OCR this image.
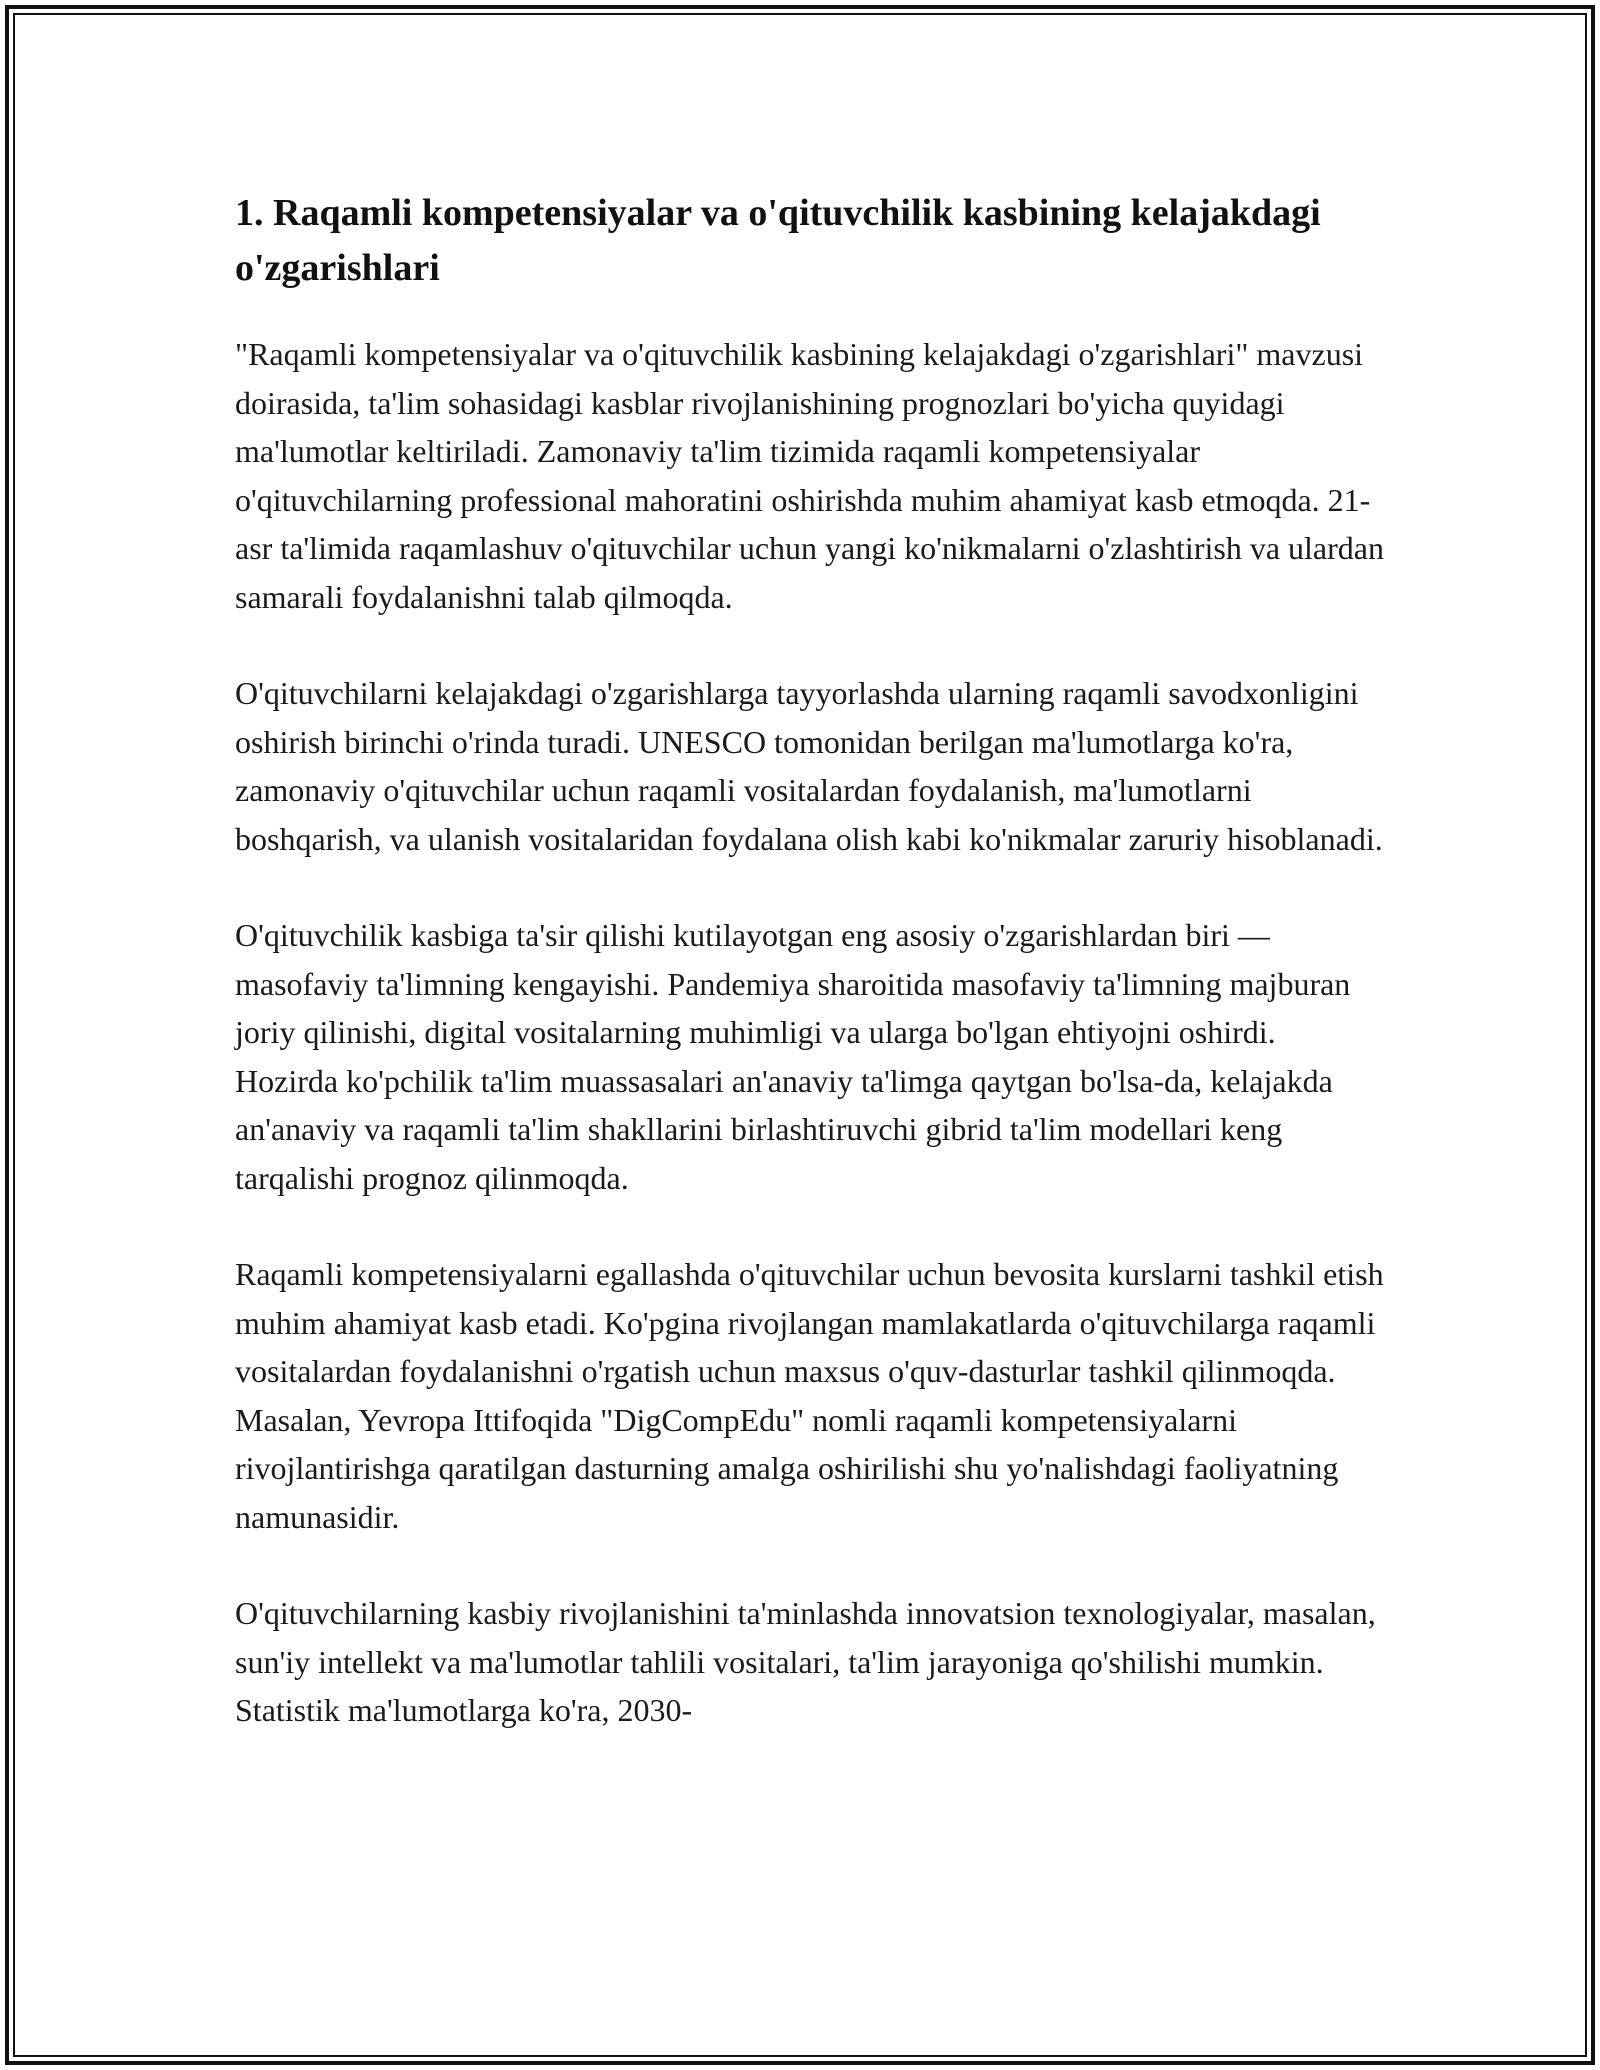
1. Raqamli kompetensiyalar va o'qituvchilik kasbining kelajakdagi o'zgarishlari

"Raqamli kompetensiyalar va o'qituvchilik kasbining kelajakdagi o'zgarishlari" mavzusi doirasida, ta'lim sohasidagi kasblar rivojlanishining prognozlari bo'yicha quyidagi ma'lumotlar keltiriladi. Zamonaviy ta'lim tizimida raqamli kompetensiyalar o'qituvchilarning professional mahoratini oshirishda muhim ahamiyat kasb etmoqda. 21-asr ta'limida raqamlashuv o'qituvchilar uchun yangi ko'nikmalarni o'zlashtirish va ulardan samarali foydalanishni talab qilmoqda.

O'qituvchilarni kelajakdagi o'zgarishlarga tayyorlashda ularning raqamli savodxonligini oshirish birinchi o'rinda turadi. UNESCO tomonidan berilgan ma'lumotlarga ko'ra, zamonaviy o'qituvchilar uchun raqamli vositalardan foydalanish, ma'lumotlarni boshqarish, va ulanish vositalaridan foydalana olish kabi ko'nikmalar zaruriy hisoblanadi.

O'qituvchilik kasbiga ta'sir qilishi kutilayotgan eng asosiy o'zgarishlardan biri — masofaviy ta'limning kengayishi. Pandemiya sharoitida masofaviy ta'limning majburan joriy qilinishi, digital vositalarning muhimligi va ularga bo'lgan ehtiyojni oshirdi. Hozirda ko'pchilik ta'lim muassasalari an'anaviy ta'limga qaytgan bo'lsa-da, kelajakda an'anaviy va raqamli ta'lim shakllarini birlashtiruvchi gibrid ta'lim modellari keng tarqalishi prognoz qilinmoqda.

Raqamli kompetensiyalarni egallashda o'qituvchilar uchun bevosita kurslarni tashkil etish muhim ahamiyat kasb etadi. Ko'pgina rivojlangan mamlakatlarda o'qituvchilarga raqamli vositalardan foydalanishni o'rgatish uchun maxsus o'quv-dasturlar tashkil qilinmoqda. Masalan, Yevropa Ittifoqida "DigCompEdu" nomli raqamli kompetensiyalarni rivojlantirishga qaratilgan dasturning amalga oshirilishi shu yo'nalishdagi faoliyatning namunasidir.

O'qituvchilarning kasbiy rivojlanishini ta'minlashda innovatsion texnologiyalar, masalan, sun'iy intellekt va ma'lumotlar tahlili vositalari, ta'lim jarayoniga qo'shilishi mumkin. Statistik ma'lumotlarga ko'ra, 2030-
